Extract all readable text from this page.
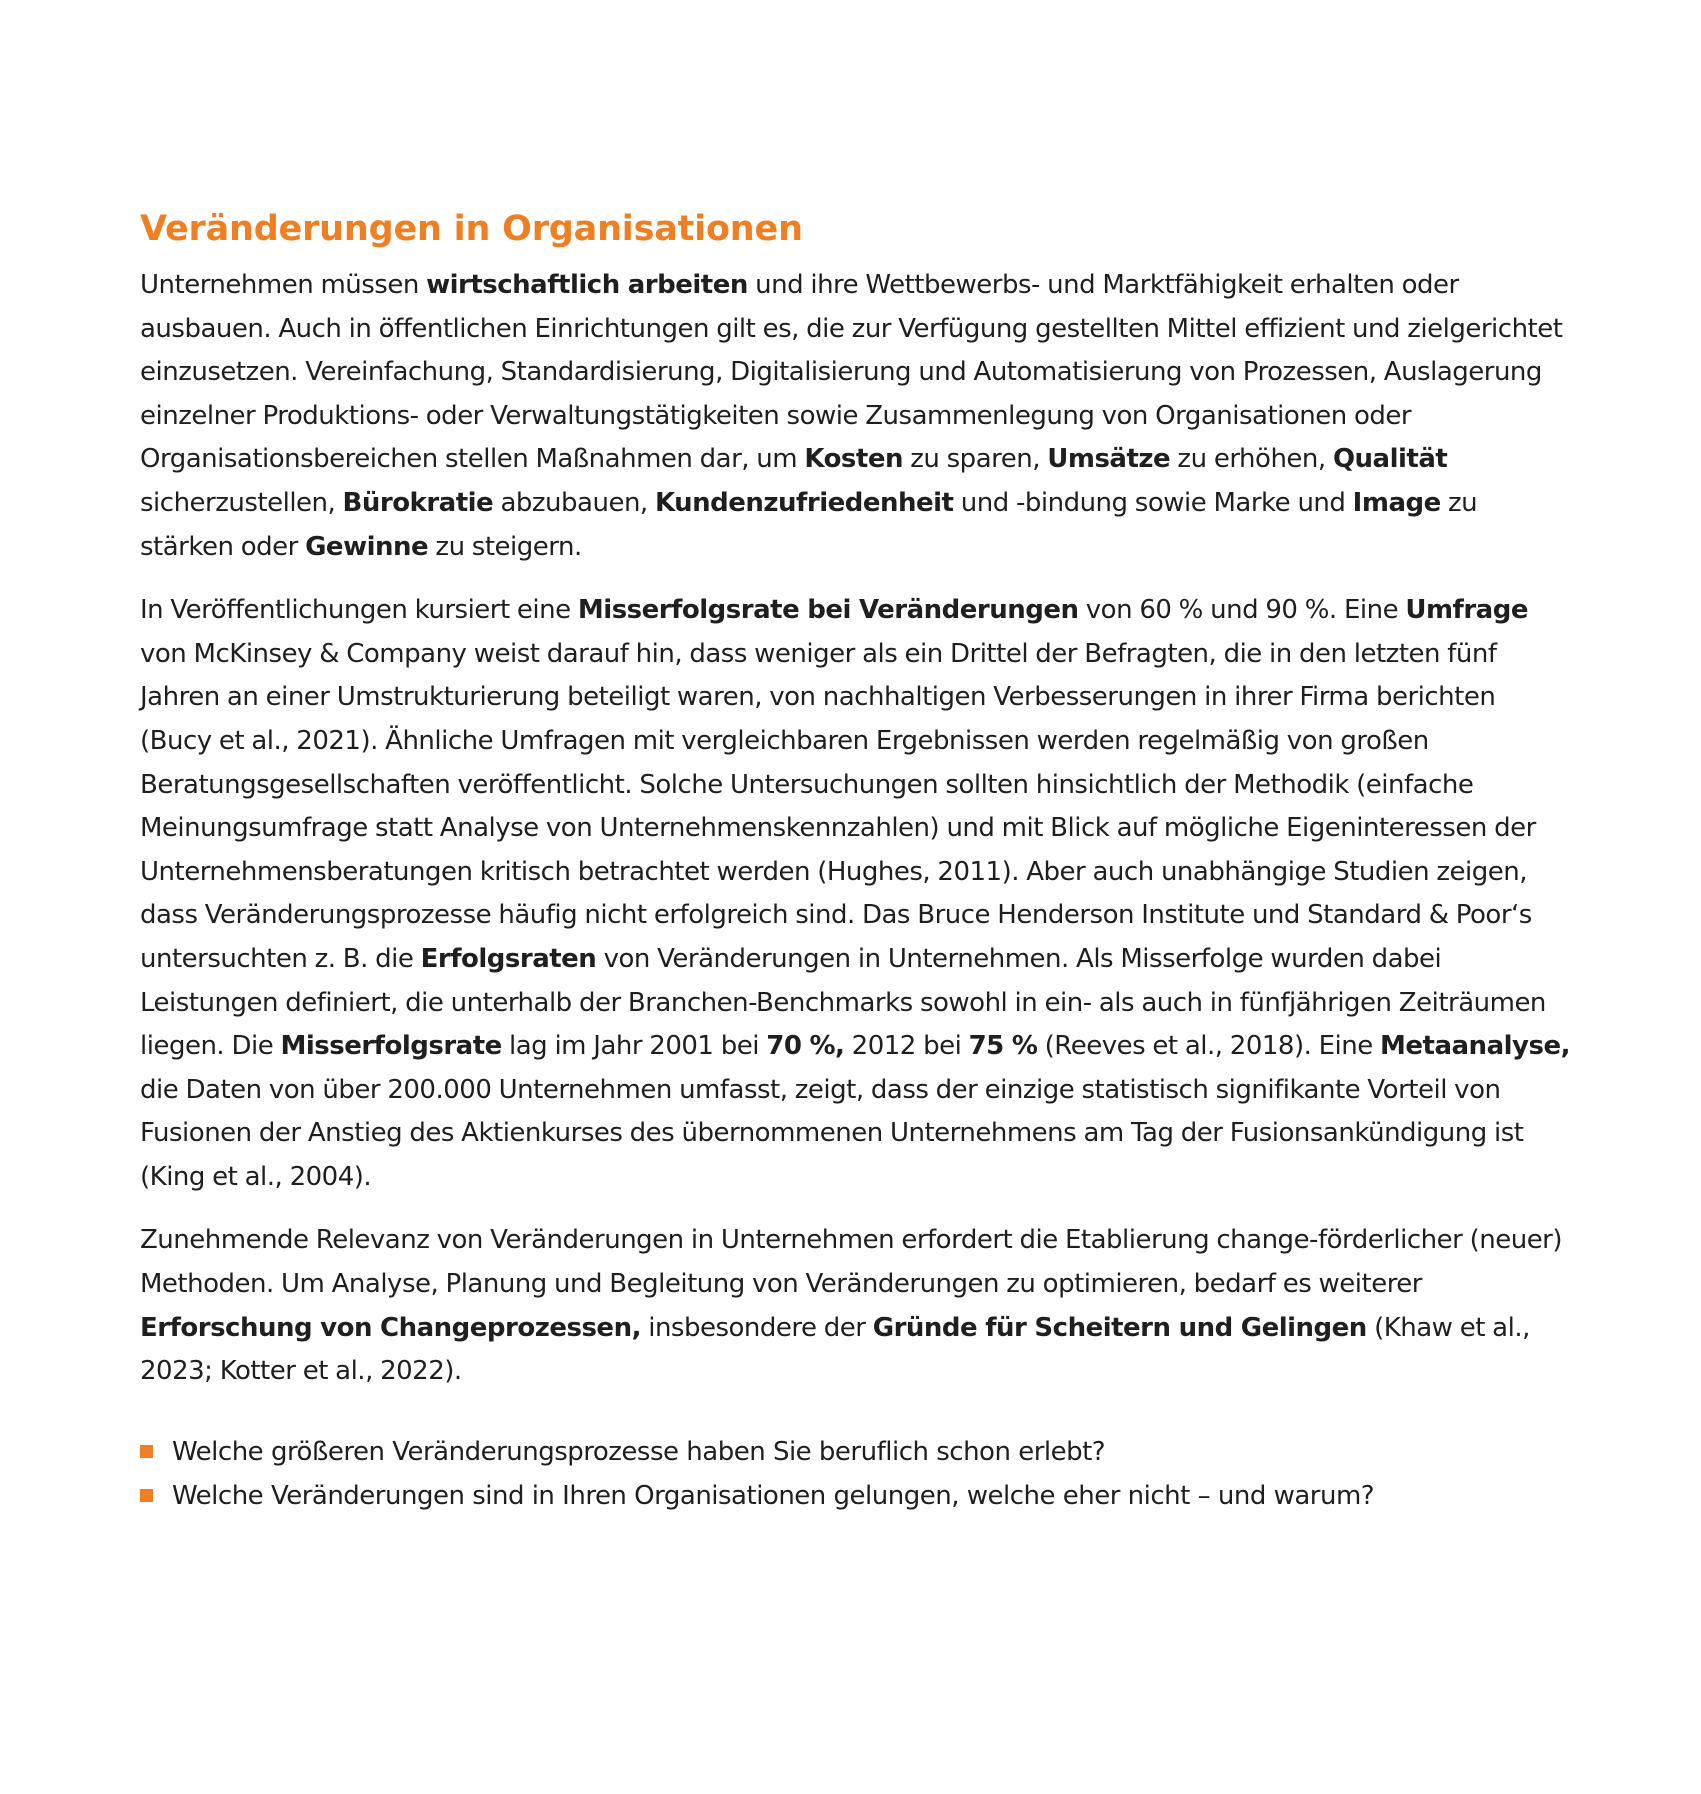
Veränderungen in Organisationen

Unternehmen müssen wirtschaftlich arbeiten und ihre Wettbewerbs- und Marktfähigkeit erhalten oder ausbauen. Auch in öffentlichen Einrichtungen gilt es, die zur Verfügung gestellten Mittel effizient und zielgerichtet einzusetzen. Vereinfachung, Standardisierung, Digitalisierung und Automatisierung von Prozessen, Auslagerung einzelner Produktions- oder Verwaltungstätigkeiten sowie Zusammenlegung von Organisationen oder Organisationsbereichen stellen Maßnahmen dar, um Kosten zu sparen, Umsätze zu erhöhen, Qualität sicherzustellen, Bürokratie abzubauen, Kundenzufriedenheit und -bindung sowie Marke und Image zu stärken oder Gewinne zu steigern.

In Veröffentlichungen kursiert eine Misserfolgsrate bei Veränderungen von 60 % und 90 %. Eine Umfrage von McKinsey & Company weist darauf hin, dass weniger als ein Drittel der Befragten, die in den letzten fünf Jahren an einer Umstrukturierung beteiligt waren, von nachhaltigen Verbesserungen in ihrer Firma berichten (Bucy et al., 2021). Ähnliche Umfragen mit vergleichbaren Ergebnissen werden regelmäßig von großen Beratungsgesellschaften veröffentlicht. Solche Untersuchungen sollten hinsichtlich der Methodik (einfache Meinungsumfrage statt Analyse von Unternehmenskennzahlen) und mit Blick auf mögliche Eigeninteressen der Unternehmensberatungen kritisch betrachtet werden (Hughes, 2011). Aber auch unabhängige Studien zeigen, dass Veränderungsprozesse häufig nicht erfolgreich sind. Das Bruce Henderson Institute und Standard & Poor‘s untersuchten z. B. die Erfolgsraten von Veränderungen in Unternehmen. Als Misserfolge wurden dabei Leistungen definiert, die unterhalb der Branchen-Benchmarks sowohl in ein- als auch in fünfjährigen Zeiträumen liegen. Die Misserfolgsrate lag im Jahr 2001 bei 70 %, 2012 bei 75 % (Reeves et al., 2018). Eine Metaanalyse, die Daten von über 200.000 Unternehmen umfasst, zeigt, dass der einzige statistisch signifikante Vorteil von Fusionen der Anstieg des Aktienkurses des übernommenen Unternehmens am Tag der Fusionsankündigung ist (King et al., 2004).

Zunehmende Relevanz von Veränderungen in Unternehmen erfordert die Etablierung change-förderlicher (neuer) Methoden. Um Analyse, Planung und Begleitung von Veränderungen zu optimieren, bedarf es weiterer Erforschung von Changeprozessen, insbesondere der Gründe für Scheitern und Gelingen (Khaw et al., 2023; Kotter et al., 2022).

Welche größeren Veränderungsprozesse haben Sie beruflich schon erlebt?
Welche Veränderungen sind in Ihren Organisationen gelungen, welche eher nicht – und warum?
